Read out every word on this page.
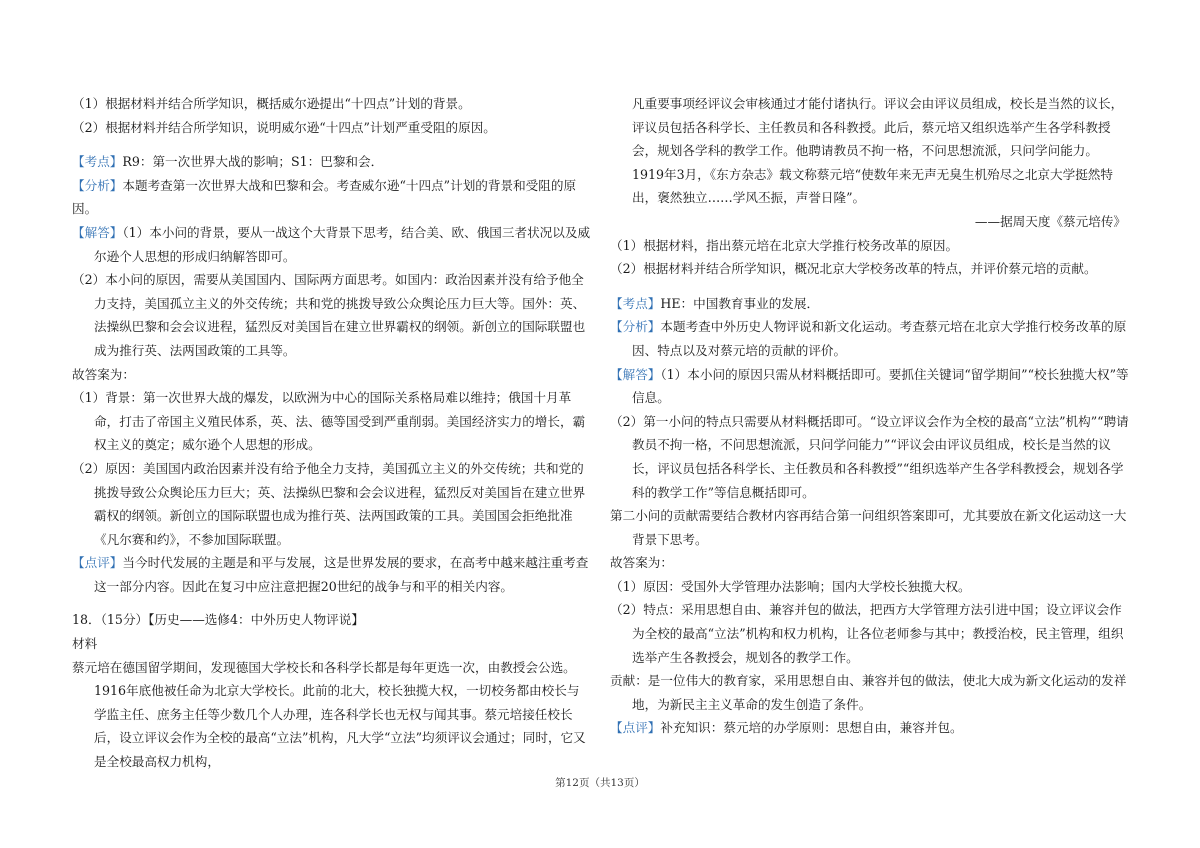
（1）根据材料并结合所学知识，概括威尔逊提出“十四点”计划的背景。

（2）根据材料并结合所学知识，说明威尔逊“十四点”计划严重受阻的原因。

【考点】R9：第一次世界大战的影响；S1：巴黎和会．

【分析】本题考查第一次世界大战和巴黎和会。考查威尔逊“十四点”计划的背景和受阻的原因。

【解答】（1）本小问的背景，要从一战这个大背景下思考，结合美、欧、俄国三者状况以及威尔逊个人思想的形成归纳解答即可。

（2）本小问的原因，需要从美国国内、国际两方面思考。如国内：政治因素并没有给予他全力支持，美国孤立主义的外交传统；共和党的挑拨导致公众舆论压力巨大等。国外：英、法操纵巴黎和会会议进程，猛烈反对美国旨在建立世界霸权的纲领。新创立的国际联盟也成为推行英、法两国政策的工具等。

故答案为：

（1）背景：第一次世界大战的爆发，以欧洲为中心的国际关系格局难以维持；俄国十月革命，打击了帝国主义殖民体系，英、法、德等国受到严重削弱。美国经济实力的增长，霸权主义的奠定；威尔逊个人思想的形成。

（2）原因：美国国内政治因素并没有给予他全力支持，美国孤立主义的外交传统；共和党的挑拨导致公众舆论压力巨大；英、法操纵巴黎和会会议进程，猛烈反对美国旨在建立世界霸权的纲领。新创立的国际联盟也成为推行英、法两国政策的工具。美国国会拒绝批准《凡尔赛和约》，不参加国际联盟。

【点评】当今时代发展的主题是和平与发展，这是世界发展的要求，在高考中越来越注重考查这一部分内容。因此在复习中应注意把握20世纪的战争与和平的相关内容。

18．（15分）【历史——选修4：中外历史人物评说】

材料

蔡元培在德国留学期间，发现德国大学校长和各科学长都是每年更选一次，由教授会公选。1916年底他被任命为北京大学校长。此前的北大，校长独揽大权，一切校务都由校长与学监主任、庶务主任等少数几个人办理，连各科学长也无权与闻其事。蔡元培接任校长后，设立评议会作为全校的最高“立法”机构，凡大学“立法”均须评议会通过；同时，它又是全校最高权力机构，

凡重要事项经评议会审核通过才能付诸执行。评议会由评议员组成，校长是当然的议长，评议员包括各科学长、主任教员和各科教授。此后，蔡元培又组织选举产生各学科教授会，规划各学科的教学工作。他聘请教员不拘一格，不问思想流派，只问学问能力。1919年3月，《东方杂志》载文称蔡元培“使数年来无声无臭生机殆尽之北京大学挺然特出，褒然独立……学风丕振，声誉日隆”。

——据周天度《蔡元培传》

（1）根据材料，指出蔡元培在北京大学推行校务改革的原因。

（2）根据材料并结合所学知识，概况北京大学校务改革的特点，并评价蔡元培的贡献。

【考点】HE：中国教育事业的发展．

【分析】本题考查中外历史人物评说和新文化运动。考查蔡元培在北京大学推行校务改革的原因、特点以及对蔡元培的贡献的评价。

【解答】（1）本小问的原因只需从材料概括即可。要抓住关键词“留学期间”“校长独揽大权”等信息。

（2）第一小问的特点只需要从材料概括即可。“设立评议会作为全校的最高“立法”机构”“聘请教员不拘一格，不问思想流派，只问学问能力”“评议会由评议员组成，校长是当然的议长，评议员包括各科学长、主任教员和各科教授”“组织选举产生各学科教授会，规划各学科的教学工作”等信息概括即可。

第二小问的贡献需要结合教材内容再结合第一问组织答案即可，尤其要放在新文化运动这一大背景下思考。

故答案为：

（1）原因：受国外大学管理办法影响；国内大学校长独揽大权。

（2）特点：采用思想自由、兼容并包的做法，把西方大学管理方法引进中国；设立评议会作为全校的最高“立法”机构和权力机构，让各位老师参与其中；教授治校，民主管理，组织选举产生各教授会，规划各的教学工作。

贡献：是一位伟大的教育家，采用思想自由、兼容并包的做法，使北大成为新文化运动的发祥地，为新民主主义革命的发生创造了条件。

【点评】补充知识：蔡元培的办学原则：思想自由，兼容并包。

第12页（共13页）
